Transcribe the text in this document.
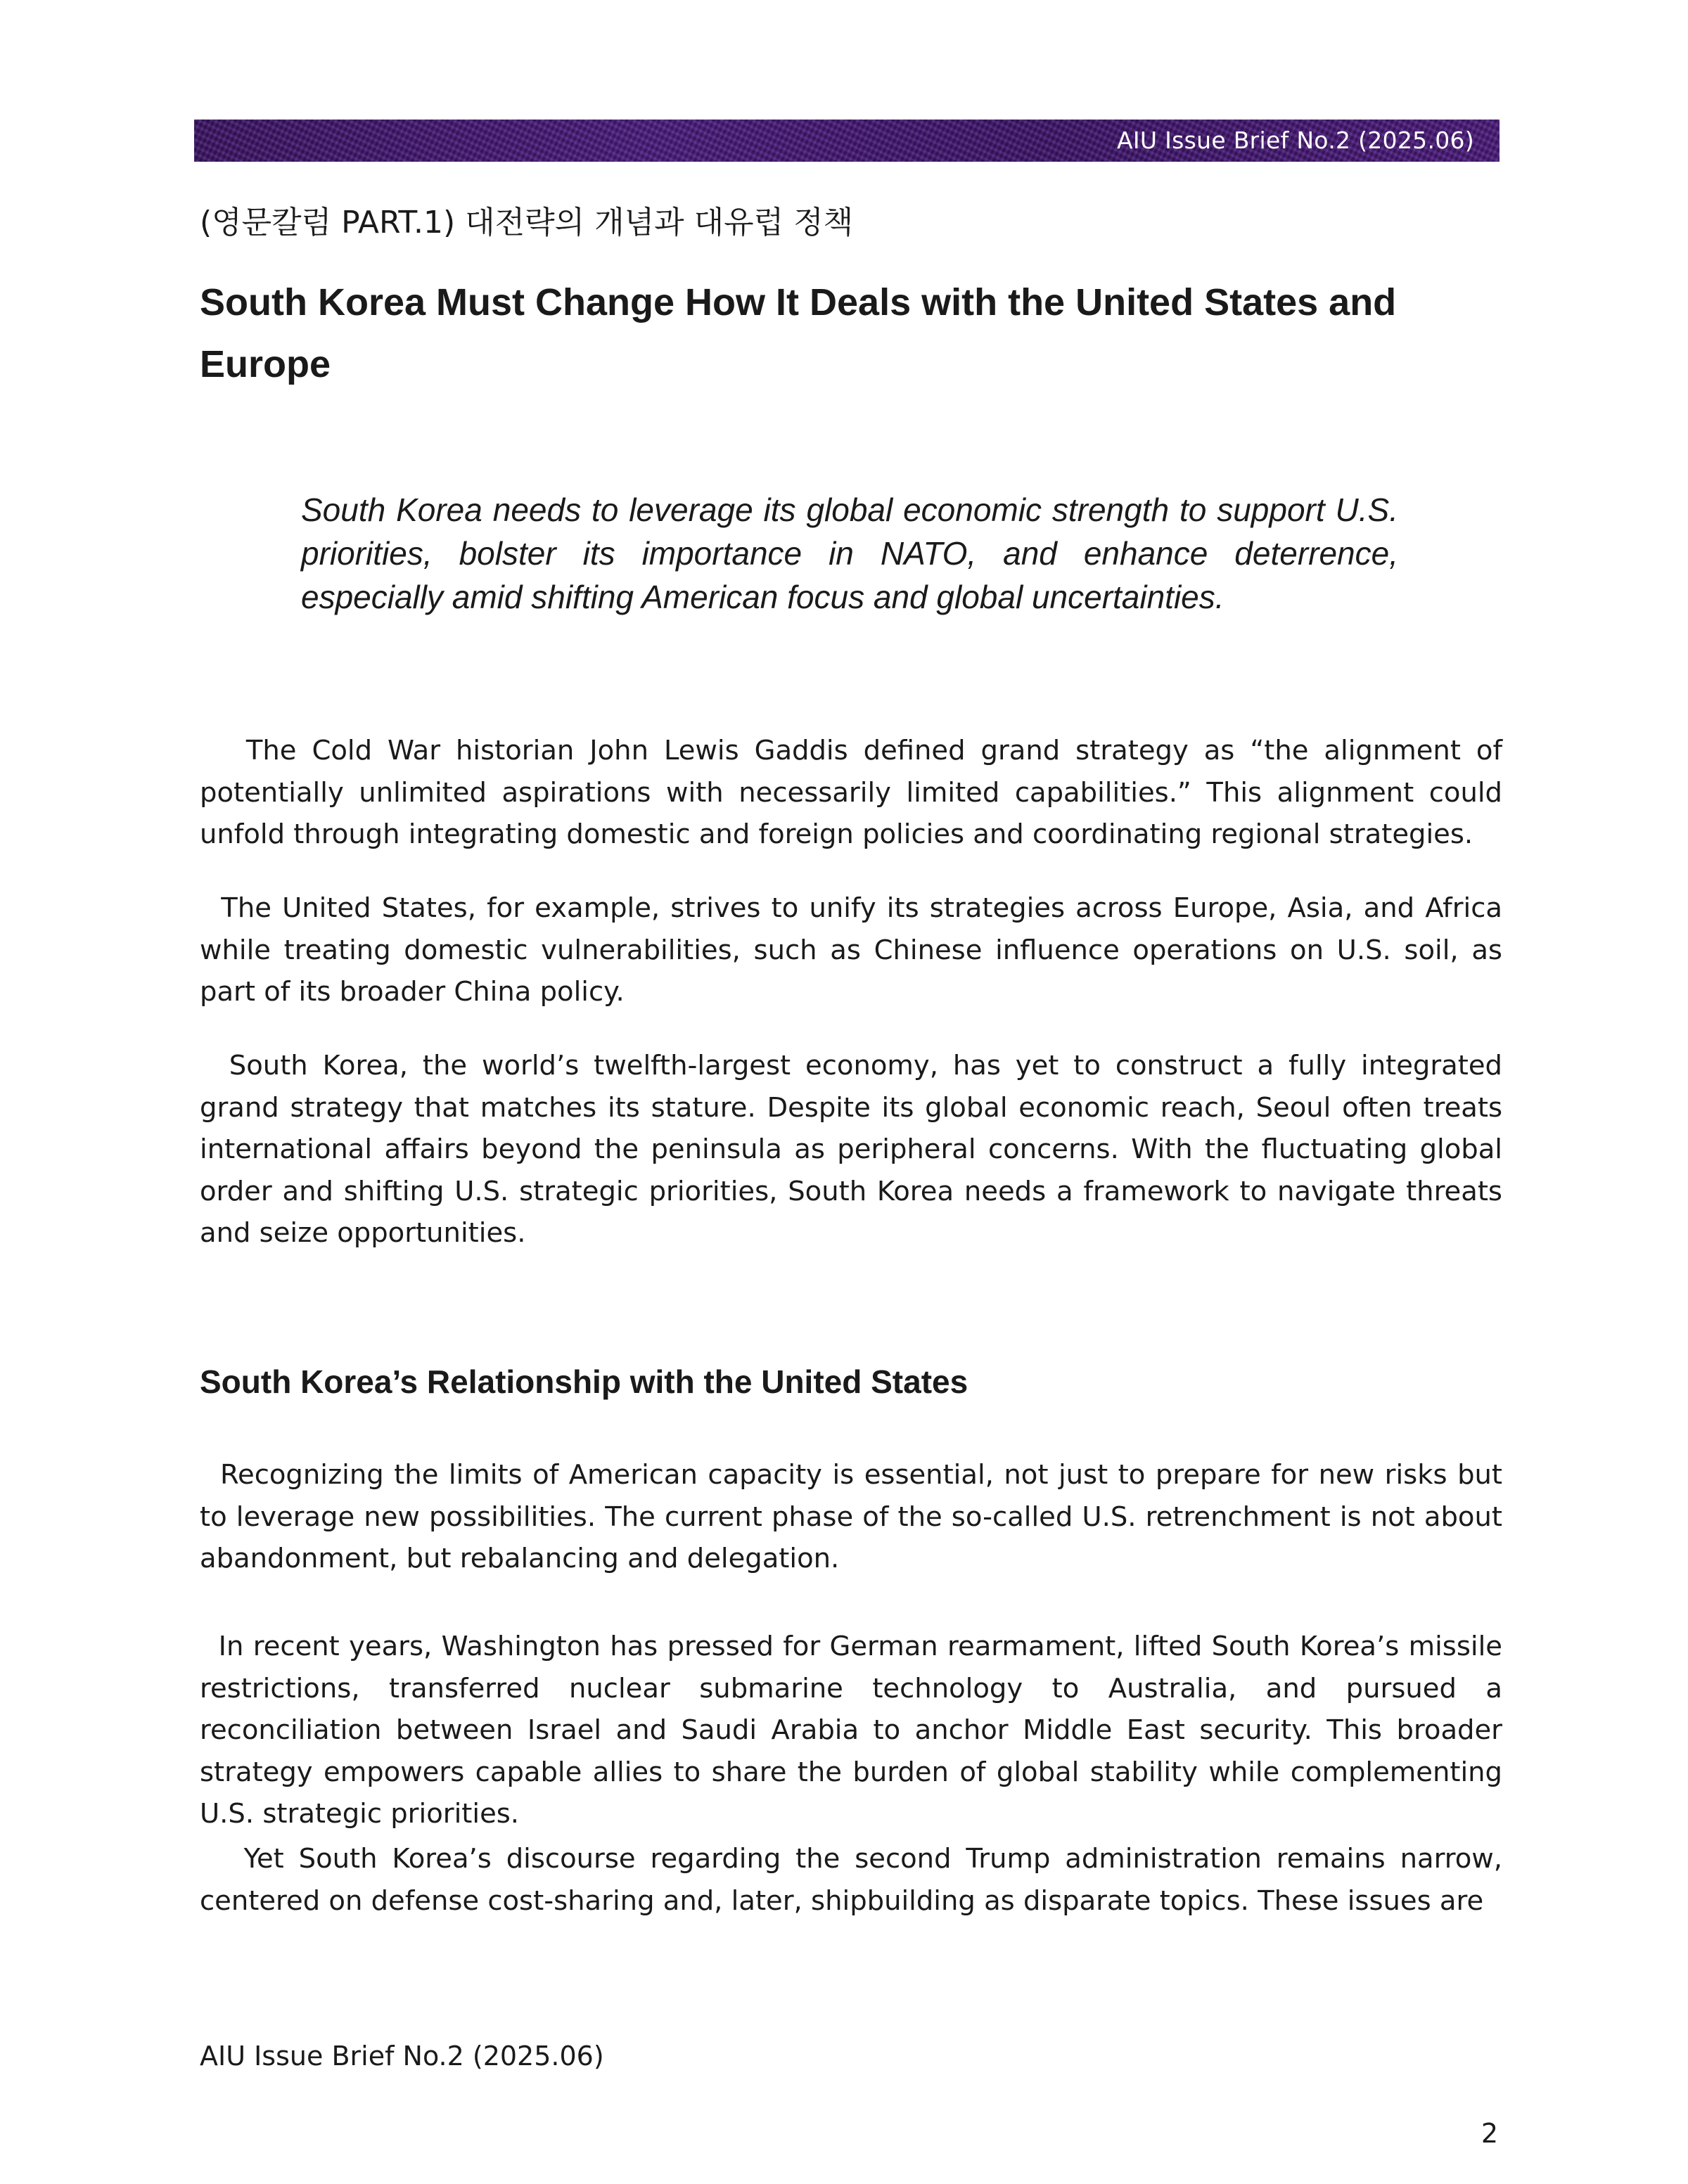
AIU Issue Brief No.2 (2025.06)
(영문칼럼 PART.1) 대전략의 개념과 대유럽 정책
South Korea Must Change How It Deals with the United States and Europe

South Korea needs to leverage its global economic strength to support U.S. priorities, bolster its importance in NATO, and enhance deterrence, especially amid shifting American focus and global uncertainties.

The Cold War historian John Lewis Gaddis defined grand strategy as “the alignment of potentially unlimited aspirations with necessarily limited capabilities.” This alignment could unfold through integrating domestic and foreign policies and coordinating regional strategies.

The United States, for example, strives to unify its strategies across Europe, Asia, and Africa while treating domestic vulnerabilities, such as Chinese influence operations on U.S. soil, as part of its broader China policy.

South Korea, the world’s twelfth-largest economy, has yet to construct a fully integrated grand strategy that matches its stature. Despite its global economic reach, Seoul often treats international affairs beyond the peninsula as peripheral concerns. With the fluctuating global order and shifting U.S. strategic priorities, South Korea needs a framework to navigate threats and seize opportunities.

South Korea’s Relationship with the United States

Recognizing the limits of American capacity is essential, not just to prepare for new risks but to leverage new possibilities. The current phase of the so-called U.S. retrenchment is not about abandonment, but rebalancing and delegation.

In recent years, Washington has pressed for German rearmament, lifted South Korea’s missile restrictions, transferred nuclear submarine technology to Australia, and pursued a reconciliation between Israel and Saudi Arabia to anchor Middle East security. This broader strategy empowers capable allies to share the burden of global stability while complementing U.S. strategic priorities.

Yet South Korea’s discourse regarding the second Trump administration remains narrow, centered on defense cost-sharing and, later, shipbuilding as disparate topics. These issues are

AIU Issue Brief No.2 (2025.06)
2
